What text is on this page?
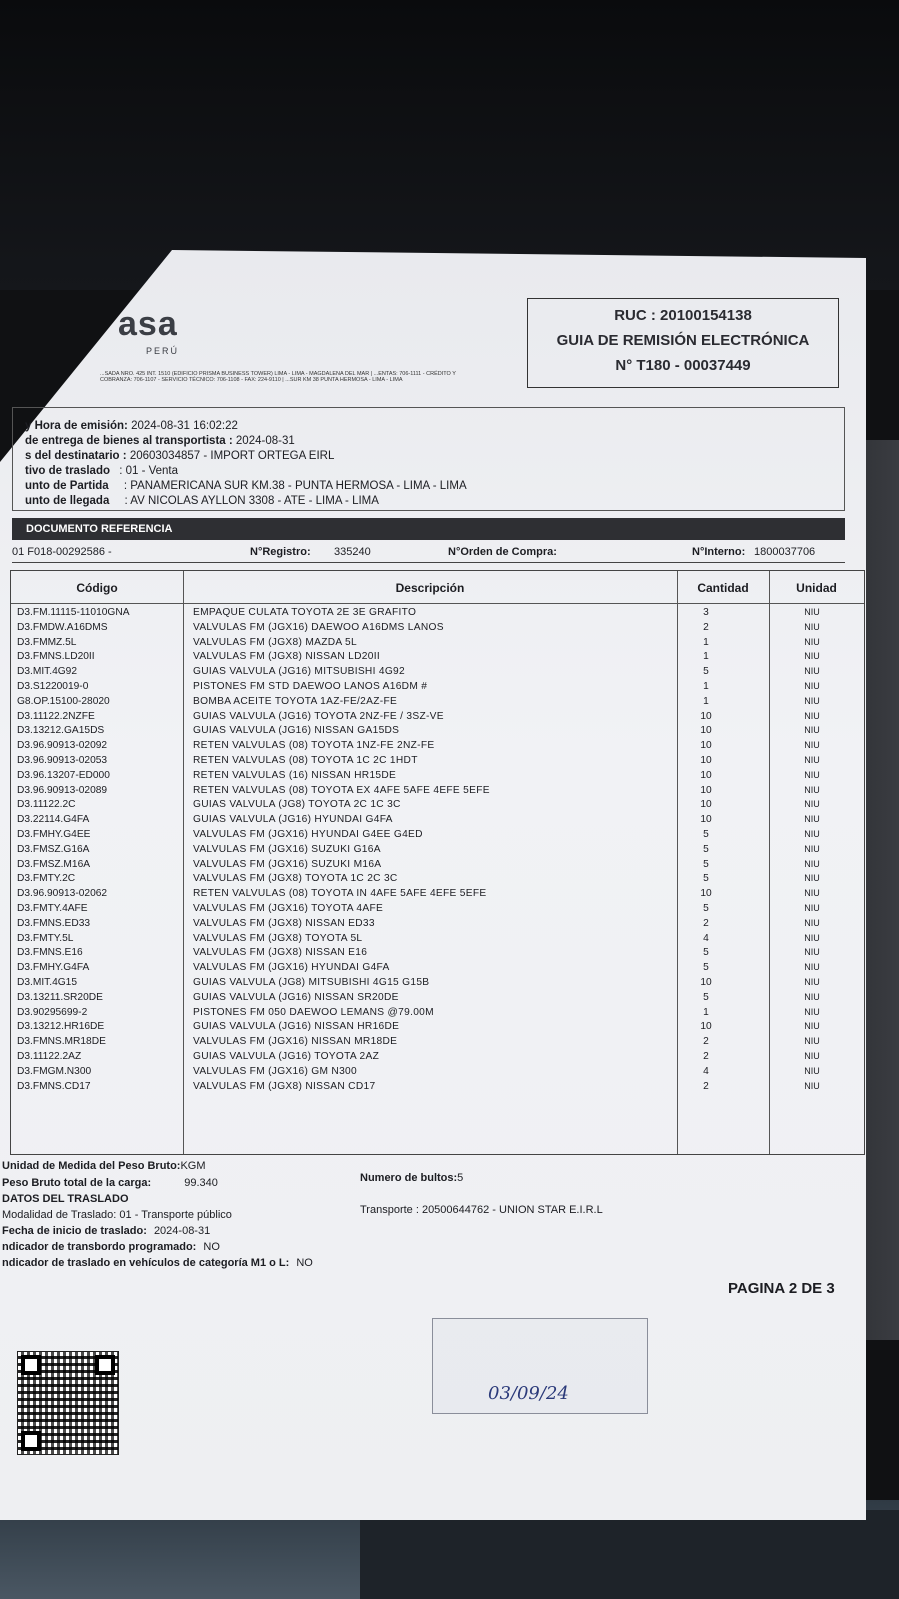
asa
PERÚ
...SADA NRO. 425 INT. 1510 (EDIFICIO PRISMA BUSINESS TOWER) LIMA - LIMA - MAGDALENA DEL MAR | ...ENTAS: 706-1111 - CRÉDITO Y COBRANZA: 706-1107 - SERVICIO TÉCNICO: 706-1108 - FAX: 224-9110 | ...SUR KM 38 PUNTA HERMOSA - LIMA - LIMA
RUC : 20100154138
GUIA DE REMISIÓN ELECTRÓNICA
N° T180 - 00037449
y Hora de emisión: 2024-08-31 16:02:22
de entrega de bienes al transportista : 2024-08-31
s del destinatario : 20603034857 - IMPORT ORTEGA EIRL
tivo de traslado : 01 - Venta
unto de Partida : PANAMERICANA SUR KM.38 - PUNTA HERMOSA - LIMA - LIMA
unto de llegada : AV NICOLAS AYLLON 3308 - ATE - LIMA - LIMA
DOCUMENTO REFERENCIA
01 F018-00292586 -	N°Registro: 335240	N°Orden de Compra:	N°Interno: 1800037706
Código	Descripción	Cantidad	Unidad
D3.FM.11115-11010GNA	EMPAQUE CULATA TOYOTA 2E 3E GRAFITO	3	NIU
D3.FMDW.A16DMS	VALVULAS FM (JGX16) DAEWOO A16DMS LANOS	2	NIU
D3.FMMZ.5L	VALVULAS FM (JGX8) MAZDA 5L	1	NIU
D3.FMNS.LD20II	VALVULAS FM (JGX8) NISSAN LD20II	1	NIU
D3.MIT.4G92	GUIAS VALVULA (JG16) MITSUBISHI 4G92	5	NIU
D3.S1220019-0	PISTONES FM STD DAEWOO LANOS A16DM #	1	NIU
G8.OP.15100-28020	BOMBA ACEITE TOYOTA 1AZ-FE/2AZ-FE	1	NIU
D3.11122.2NZFE	GUIAS VALVULA (JG16) TOYOTA 2NZ-FE / 3SZ-VE	10	NIU
D3.13212.GA15DS	GUIAS VALVULA (JG16) NISSAN GA15DS	10	NIU
D3.96.90913-02092	RETEN VALVULAS (08) TOYOTA 1NZ-FE 2NZ-FE	10	NIU
D3.96.90913-02053	RETEN VALVULAS (08) TOYOTA 1C 2C 1HDT	10	NIU
D3.96.13207-ED000	RETEN VALVULAS (16) NISSAN HR15DE	10	NIU
D3.96.90913-02089	RETEN VALVULAS (08) TOYOTA EX 4AFE 5AFE 4EFE 5EFE	10	NIU
D3.11122.2C	GUIAS VALVULA (JG8) TOYOTA 2C 1C 3C	10	NIU
D3.22114.G4FA	GUIAS VALVULA (JG16) HYUNDAI G4FA	10	NIU
D3.FMHY.G4EE	VALVULAS FM (JGX16) HYUNDAI G4EE G4ED	5	NIU
D3.FMSZ.G16A	VALVULAS FM (JGX16) SUZUKI G16A	5	NIU
D3.FMSZ.M16A	VALVULAS FM (JGX16) SUZUKI M16A	5	NIU
D3.FMTY.2C	VALVULAS FM (JGX8) TOYOTA 1C 2C 3C	5	NIU
D3.96.90913-02062	RETEN VALVULAS (08) TOYOTA IN 4AFE 5AFE 4EFE 5EFE	10	NIU
D3.FMTY.4AFE	VALVULAS FM (JGX16) TOYOTA 4AFE	5	NIU
D3.FMNS.ED33	VALVULAS FM (JGX8) NISSAN ED33	2	NIU
D3.FMTY.5L	VALVULAS FM (JGX8) TOYOTA 5L	4	NIU
D3.FMNS.E16	VALVULAS FM (JGX8) NISSAN E16	5	NIU
D3.FMHY.G4FA	VALVULAS FM (JGX16) HYUNDAI G4FA	5	NIU
D3.MIT.4G15	GUIAS VALVULA (JG8) MITSUBISHI 4G15 G15B	10	NIU
D3.13211.SR20DE	GUIAS VALVULA (JG16) NISSAN SR20DE	5	NIU
D3.90295699-2	PISTONES FM 050 DAEWOO LEMANS @79.00M	1	NIU
D3.13212.HR16DE	GUIAS VALVULA (JG16) NISSAN HR16DE	10	NIU
D3.FMNS.MR18DE	VALVULAS FM (JGX16) NISSAN MR18DE	2	NIU
D3.11122.2AZ	GUIAS VALVULA (JG16) TOYOTA 2AZ	2	NIU
D3.FMGM.N300	VALVULAS FM (JGX16) GM N300	4	NIU
D3.FMNS.CD17	VALVULAS FM (JGX8) NISSAN CD17	2	NIU
Unidad de Medida del Peso Bruto:KGM
Peso Bruto total de la carga:	99.340	Numero de bultos:5
DATOS DEL TRASLADO
Modalidad de Traslado: 01 - Transporte público	Transporte : 20500644762 - UNION STAR E.I.R.L
Fecha de inicio de traslado: 2024-08-31
ndicador de transbordo programado: NO
ndicador de traslado en vehículos de categoría M1 o L: NO
PAGINA 2 DE 3
03/09/24
